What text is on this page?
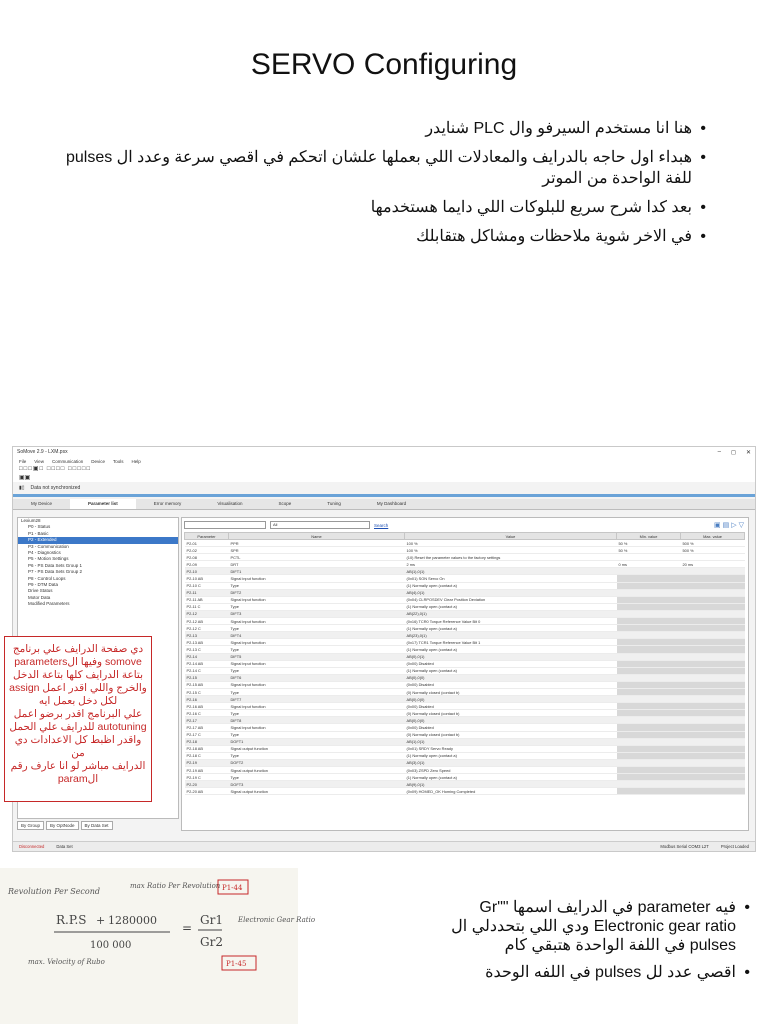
SERVO Configuring
• هنا انا مستخدم السيرفو وال PLC شنايدر
• هبداء اول حاجه بالدرايف والمعادلات اللي بعملها علشان اتحكم في اقصي سرعة وعدد ال pulses للفة الواحدة من الموتر
• بعد كدا شرح سريع للبلوكات اللي دايما هستخدمها
• في الاخر شوية ملاحظات ومشاكل هتقابلك
SoMove 2.9 - LXM.psx	– ◻ ✕
File View Communication Device Tools Help
□□□▣□ □□□□ □□□□□
▣▣
▮▯ Data not synchronized
My Device	Parameter list	Error memory	Visualisation	Scope	Tuning	My Dashboard
Lexium28
P0 - Status
P1 - Basic
P2 - Extended
P3 - Communication
P4 - Diagnostics
P5 - Motion Settings
P6 - PS Data Sets Group 1
P7 - PS Data Sets Group 2
P8 - Control Loops
P9 - DTM Data
Drive Status
Motor Data
Modified Parameters
By Group	By OptNode	By Data Set
All	Search	▣▤▷▽
Parameter	Name	Value	Min. value	Max. value
P2-01	PPR	100 %	50 %	500 %
P2-02	SPR	100 %	50 %	500 %
P2-08	PCTL	(10) Reset the parameter values to the factory settings		
P2-09	DRT	2 ms	0 ms	20 ms
P2-10	DIFT1	AB(1),0(1)		
P2-10 AB	Signal input function	(0x01) SON Servo On		
P2-10 C	Type	(1) Normally open (contact a)		
P2-11	DIFT2	AB(4),0(1)		
P2-11 AB	Signal input function	(0x04) CLRPOSDEV Clear Position Deviation		
P2-11 C	Type	(1) Normally open (contact a)		
P2-12	DIFT3	AB(22),0(1)		
P2-12 AB	Signal input function	(0x16) TCR0 Torque Reference Value Bit 0		
P2-12 C	Type	(1) Normally open (contact a)		
P2-13	DIFT4	AB(23),0(1)		
P2-13 AB	Signal input function	(0x17) TCR1 Torque Reference Value Bit 1		
P2-13 C	Type	(1) Normally open (contact a)		
P2-14	DIFT5	AB(0),0(1)		
P2-14 AB	Signal input function	(0x00) Disabled		
P2-14 C	Type	(1) Normally open (contact a)		
P2-15	DIFT6	AB(0),0(0)		
P2-15 AB	Signal input function	(0x00) Disabled		
P2-15 C	Type	(0) Normally closed (contact b)		
P2-16	DIFT7	AB(0),0(0)		
P2-16 AB	Signal input function	(0x00) Disabled		
P2-16 C	Type	(0) Normally closed (contact b)		
P2-17	DIFT8	AB(0),0(0)		
P2-17 AB	Signal input function	(0x00) Disabled		
P2-17 C	Type	(0) Normally closed (contact b)		
P2-18	DOFT1	AB(1),0(1)		
P2-18 AB	Signal output function	(0x01) SRDY Servo Ready		
P2-18 C	Type	(1) Normally open (contact a)		
P2-19	DOFT2	AB(3),0(1)		
P2-19 AB	Signal output function	(0x03) ZSPD Zero Speed		
P2-19 C	Type	(1) Normally open (contact a)		
P2-20	DOFT3	AB(9),0(1)		
P2-20 AB	Signal output function	(0x09) HOMED_OK Homing Completed		
Disconnected	Data Set	Modbus Serial COM3 L2T	Project Loaded
دي صفحة الدرايف علي برنامج
somove وفيها الparameters
بتاعة الدرايف كلها بتاعة الدخل
والخرج واللي اقدر اعمل assign
لكل دخل بعمل ايه
علي البرنامج اقدر برضو اعمل
autotuning للدرايف علي الحمل
واقدر اظبط كل الاعدادات دي من
الدرايف مباشر لو انا عارف رقم
الparam
Revolution Per Second
R.P.S + 1280000
100 000
max. Velocity of Rubo
max Ratio Per Revolution
=
Gr1
Gr2
P1-44
Electronic Gear Ratio
P1-45
• فيه parameter في الدرايف اسمها "Gr" Electronic gear ratio ودي اللي بتحددلي ال pulses في اللفة الواحدة هتبقي كام
• اقصي عدد لل pulses في اللفه الوحدة
